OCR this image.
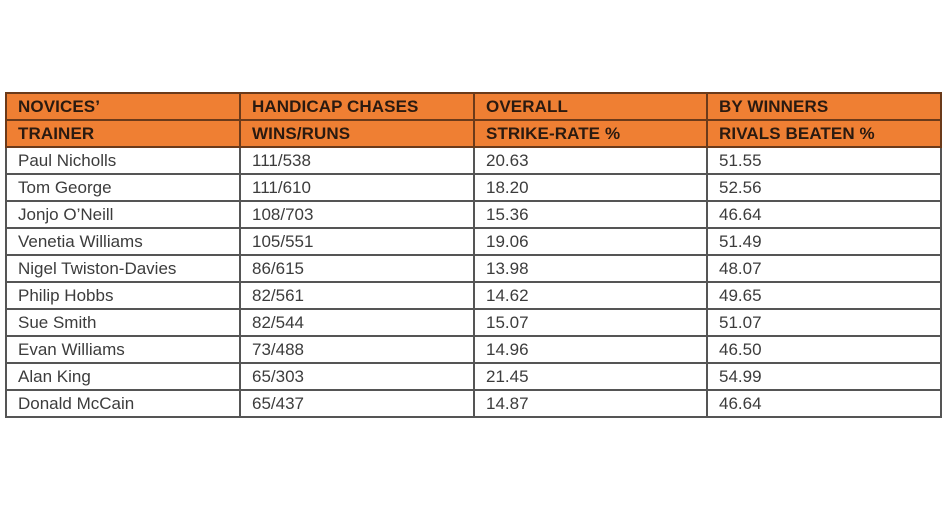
NOVICES’	HANDICAP CHASES	OVERALL	BY WINNERS
TRAINER	WINS/RUNS	STRIKE-RATE %	RIVALS BEATEN %
Paul Nicholls	111/538	20.63	51.55
Tom George	111/610	18.20	52.56
Jonjo O’Neill	108/703	15.36	46.64
Venetia Williams	105/551	19.06	51.49
Nigel Twiston-Davies	86/615	13.98	48.07
Philip Hobbs	82/561	14.62	49.65
Sue Smith	82/544	15.07	51.07
Evan Williams	73/488	14.96	46.50
Alan King	65/303	21.45	54.99
Donald McCain	65/437	14.87	46.64
